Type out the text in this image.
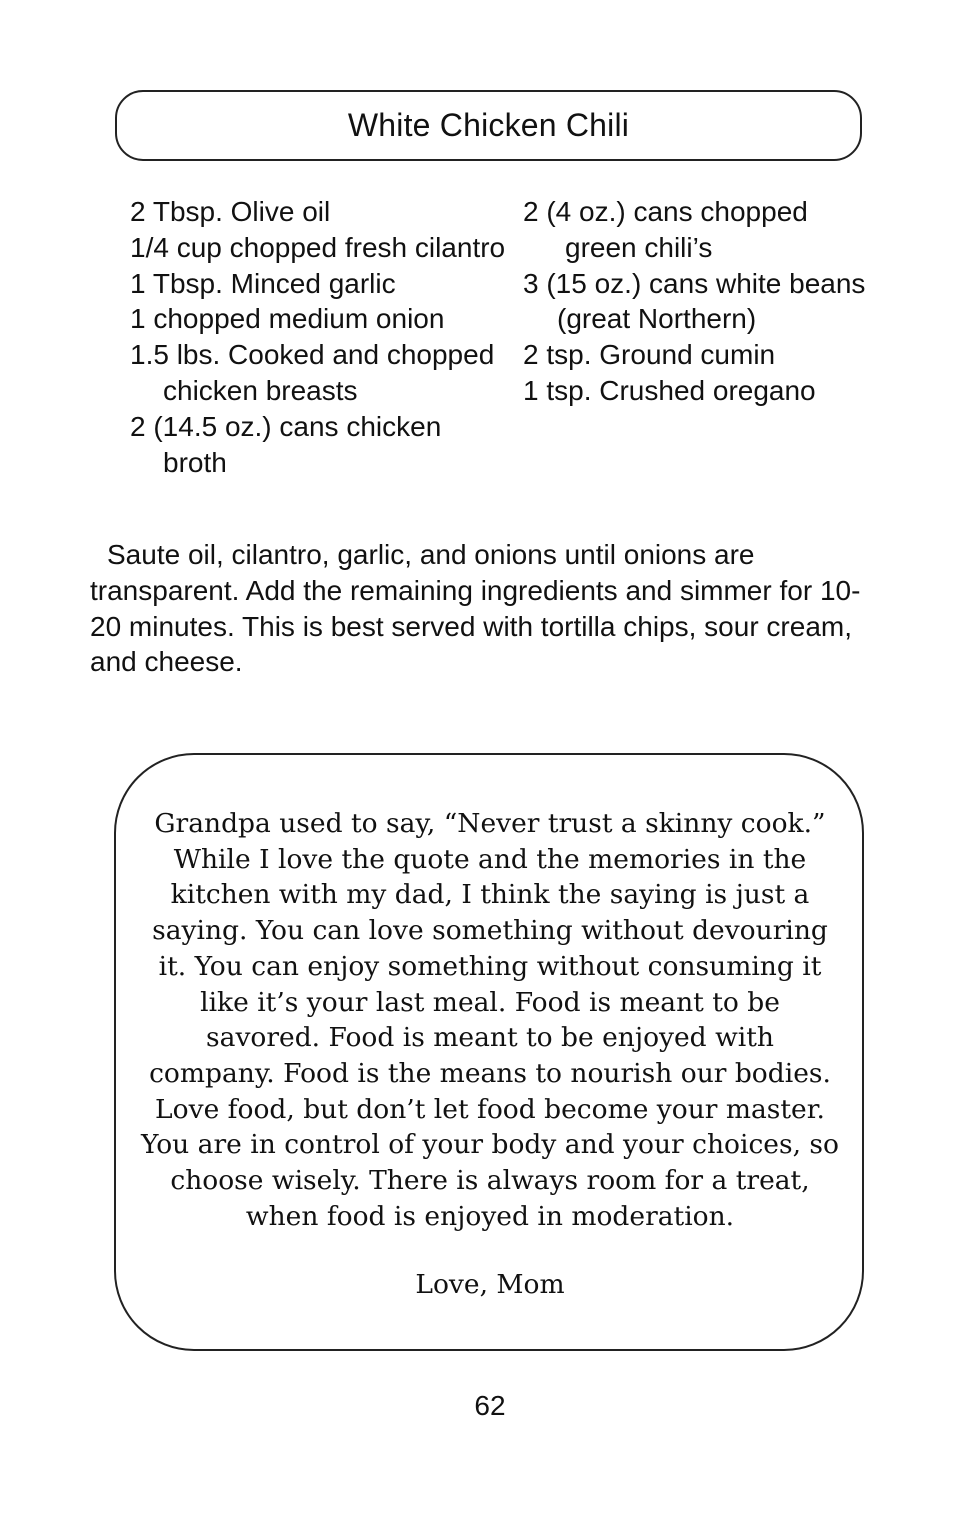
White Chicken Chili
2 Tbsp. Olive oil
1/4 cup chopped fresh cilantro
1 Tbsp. Minced garlic
1 chopped medium onion
1.5 lbs. Cooked and chopped chicken breasts
2 (14.5 oz.) cans chicken broth
2 (4 oz.) cans chopped green chili’s
3 (15 oz.) cans white beans (great Northern)
2 tsp. Ground cumin
1 tsp. Crushed oregano

Saute oil, cilantro, garlic, and onions until onions are transparent. Add the remaining ingredients and simmer for 10-20 minutes. This is best served with tortilla chips, sour cream, and cheese.

Grandpa used to say, “Never trust a skinny cook.” While I love the quote and the memories in the kitchen with my dad, I think the saying is just a saying. You can love something without devouring it. You can enjoy something without consuming it like it’s your last meal. Food is meant to be savored. Food is meant to be enjoyed with company. Food is the means to nourish our bodies. Love food, but don’t let food become your master. You are in control of your body and your choices, so choose wisely. There is always room for a treat, when food is enjoyed in moderation.

Love, Mom

62
